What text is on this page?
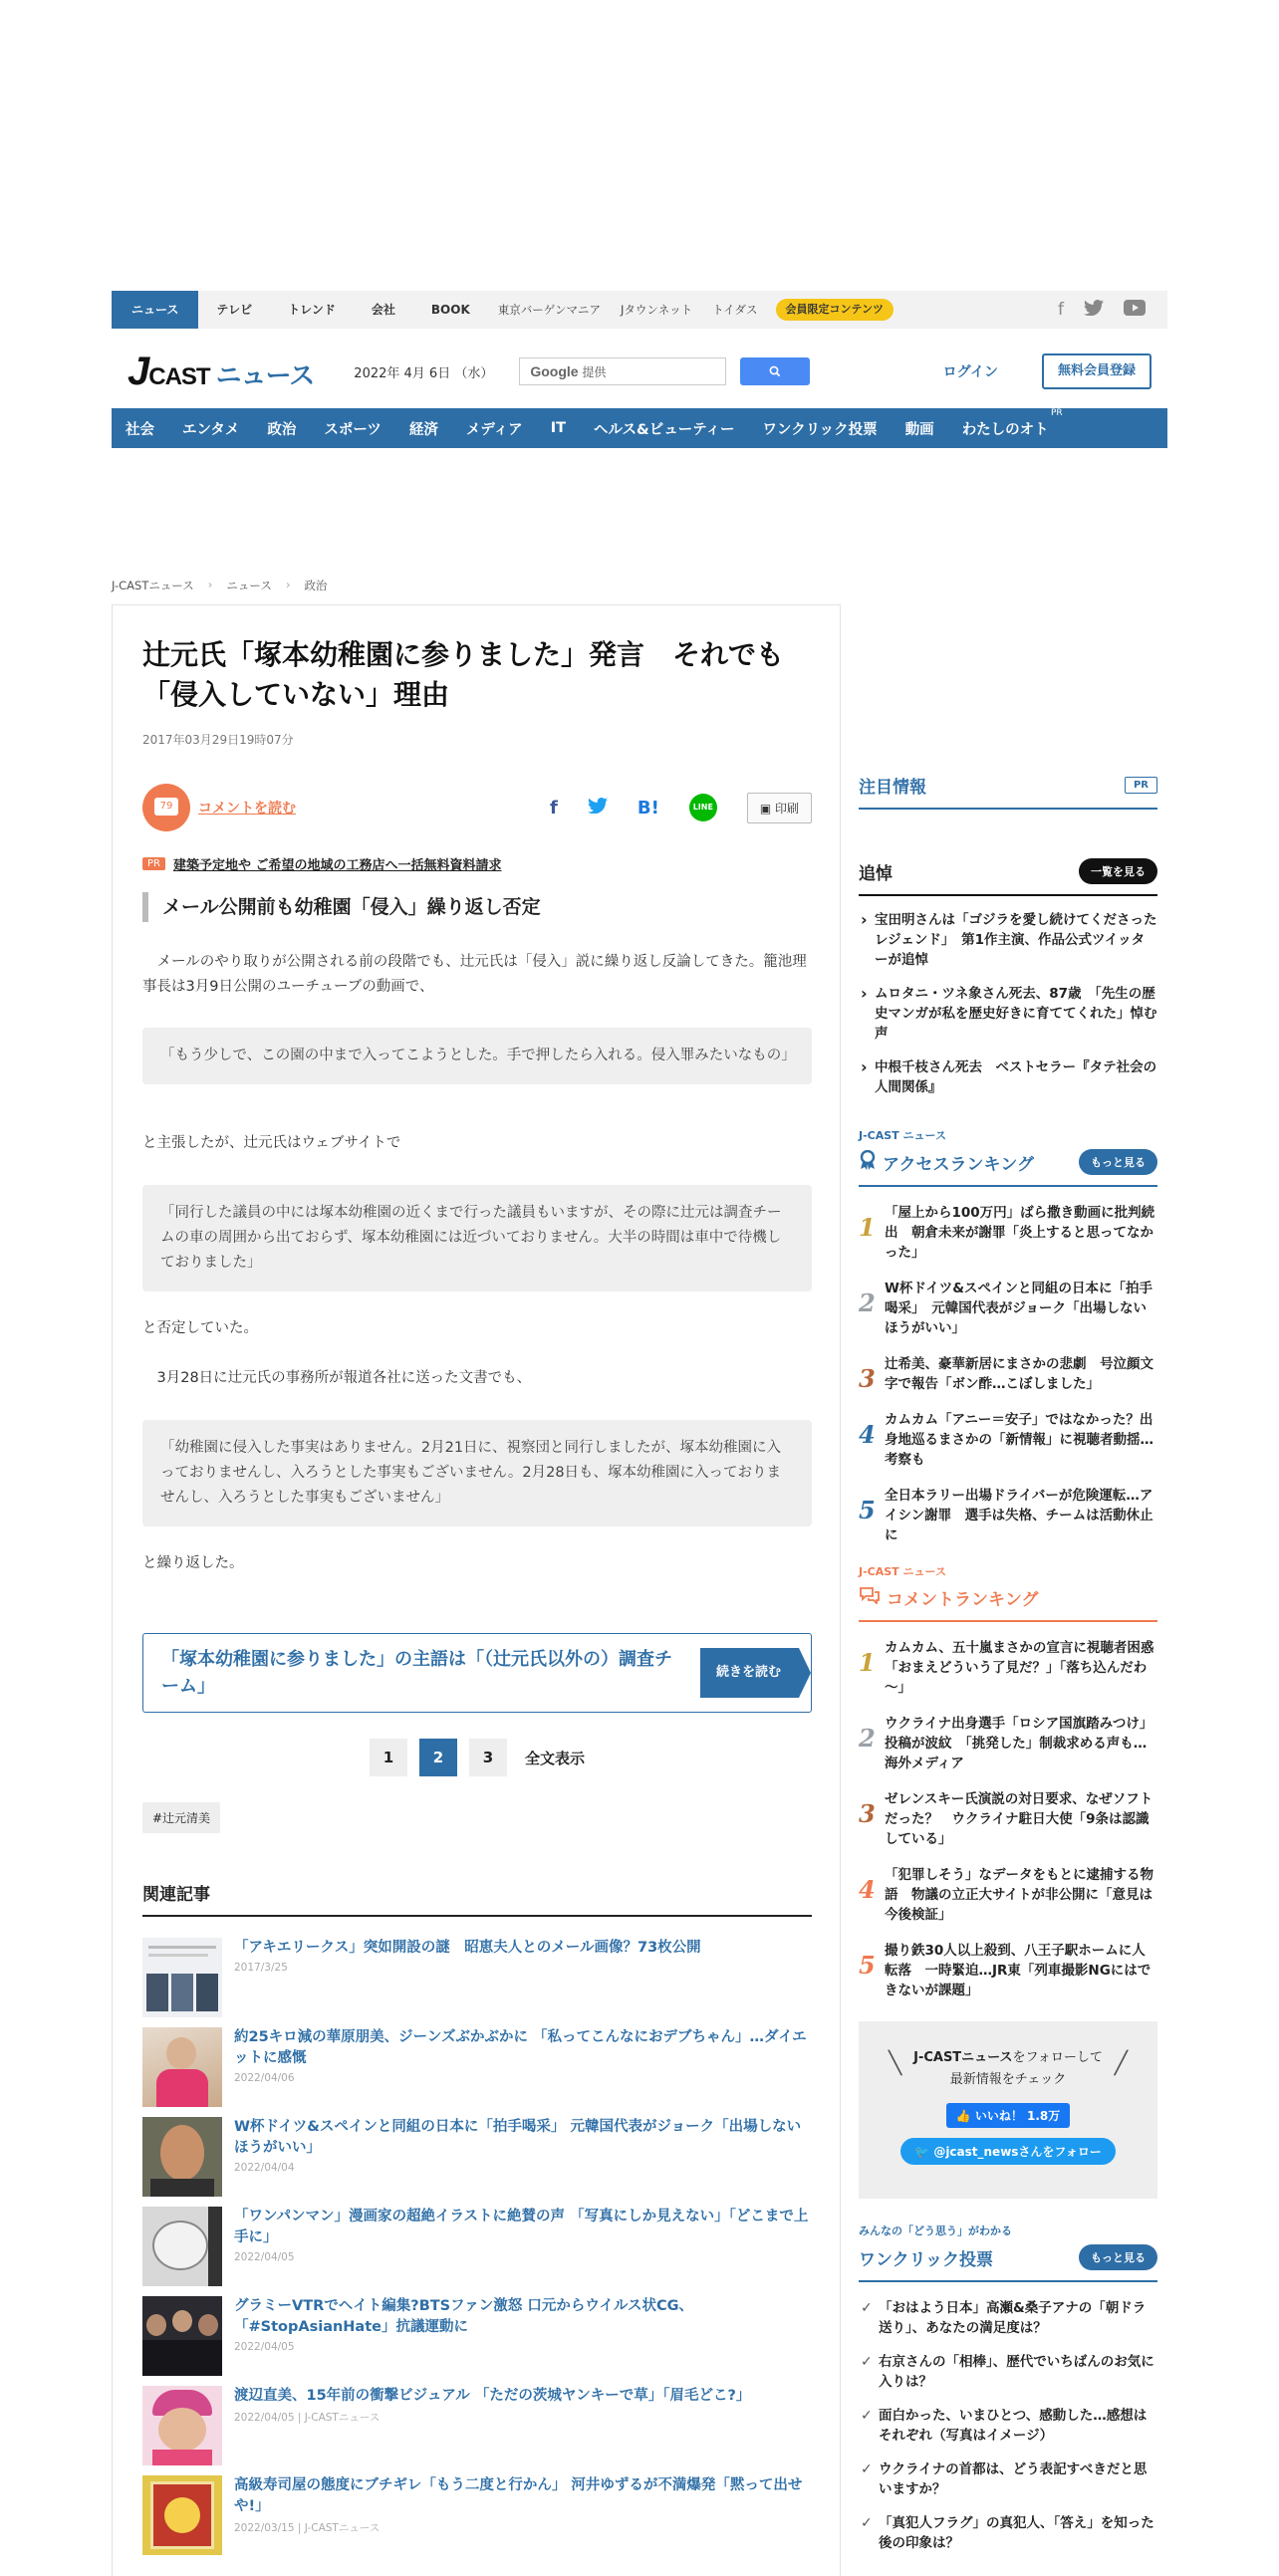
ニュース	テレビ	トレンド	会社	BOOK	東京バーゲンマニア	Jタウンネット	トイダス	会員限定コンテンツ	f
J CAST ニュース	2022年 4月 6日 （水）	Google 提供	ログイン	無料会員登録
社会	エンタメ	政治	スポーツ	経済	メディア	IT	ヘルス&ビューティー	ワンクリック投票	動画	わたしのオト
PR
J-CASTニュース › ニュース › 政治
辻元氏「塚本幼稚園に参りました」発言　それでも「侵入していない」理由
2017年03月29日19時07分
79	コメントを読む	f	B!	LINE	▣ 印刷
PR	建築予定地や ご希望の地域の工務店へ一括無料資料請求
メール公開前も幼稚園「侵入」繰り返し否定

　メールのやり取りが公開される前の段階でも、辻元氏は「侵入」説に繰り返し反論してきた。籠池理事長は3月9日公開のユーチューブの動画で、

「もう少しで、この園の中まで入ってこようとした。手で押したら入れる。侵入罪みたいなもの」

と主張したが、辻元氏はウェブサイトで

「同行した議員の中には塚本幼稚園の近くまで行った議員もいますが、その際に辻元は調査チームの車の周囲から出ておらず、塚本幼稚園には近づいておりません。大半の時間は車中で待機しておりました」

と否定していた。

　3月28日に辻元氏の事務所が報道各社に送った文書でも、

「幼稚園に侵入した事実はありません。2月21日に、視察団と同行しましたが、塚本幼稚園に入っておりませんし、入ろうとした事実もございません。2月28日も、塚本幼稚園に入っておりませんし、入ろうとした事実もございません」

と繰り返した。

「塚本幼稚園に参りました」の主語は「（辻元氏以外の）調査チーム」
続きを読む
1	2	3	全文表示
#辻元清美
関連記事
「アキエリークス」突如開設の謎　昭恵夫人とのメール画像？73枚公開
2017/3/25
約25キロ減の華原朋美、ジーンズぶかぶかに 「私ってこんなにおデブちゃん」…ダイエットに感慨
2022/04/06
W杯ドイツ&スペインと同組の日本に「拍手喝采」 元韓国代表がジョーク「出場しないほうがいい」
2022/04/04
「ワンパンマン」漫画家の超絶イラストに絶賛の声 「写真にしか見えない」「どこまで上手に」
2022/04/05
グラミーVTRでヘイト編集?BTSファン激怒 口元からウイルス状CG、「#StopAsianHate」抗議運動に
2022/04/05
渡辺直美、15年前の衝撃ビジュアル 「ただの茨城ヤンキーで草」「眉毛どこ?」
2022/04/05 | J-CASTニュース
高級寿司屋の態度にブチギレ「もう二度と行かん」 河井ゆずるが不満爆発「黙って出せや!」
2022/03/15 | J-CASTニュース
注目情報	PR
追悼	一覧を見る
› 宝田明さんは「ゴジラを愛し続けてくださったレジェンド」　第1作主演、作品公式ツイッターが追悼
› ムロタニ・ツネ象さん死去、87歳　「先生の歴史マンガが私を歴史好きに育ててくれた」悼む声
› 中根千枝さん死去　ベストセラー『タテ社会の人間関係』
J-CAST ニュース
アクセスランキング	もっと見る
1 「屋上から100万円」ばら撒き動画に批判続出　朝倉未来が謝罪「炎上すると思ってなかった」
2 W杯ドイツ&スペインと同組の日本に「拍手喝采」　元韓国代表がジョーク「出場しないほうがいい」
3 辻希美、豪華新居にまさかの悲劇　号泣顔文字で報告「ボン酢…こぼしました」
4 カムカム「アニー＝安子」ではなかった？出身地巡るまさかの「新情報」に視聴者動揺…考察も
5 全日本ラリー出場ドライバーが危険運転…アイシン謝罪　選手は失格、チームは活動休止に
J-CAST ニュース
コメントランキング
1 カムカム、五十嵐まさかの宣言に視聴者困惑　「おまえどういう了見だ？」「落ち込んだわ～」
2 ウクライナ出身選手「ロシア国旗踏みつけ」投稿が波紋　「挑発した」制裁求める声も…海外メディア
3 ゼレンスキー氏演説の対日要求、なぜソフトだった？　ウクライナ駐日大使「9条は認識している」
4 「犯罪しそう」なデータをもとに逮捕する物語　物議の立正大サイトが非公開に「意見は今後検証」
5 撮り鉄30人以上殺到、八王子駅ホームに人転落　一時緊迫…JR東「列車撮影NGにはできないが課題」
╲	╱
J-CASTニュースをフォローして
最新情報をチェック
👍 いいね！ 1.8万
🐦 @jcast_newsさんをフォロー
みんなの「どう思う」がわかる
ワンクリック投票	もっと見る
✓ 「おはよう日本」高瀬&桑子アナの「朝ドラ送り」、あなたの満足度は？
✓ 右京さんの「相棒」、歴代でいちばんのお気に入りは？
✓ 面白かった、いまひとつ、感動した…感想はそれぞれ（写真はイメージ）
✓ ウクライナの首都は、どう表記すべきだと思いますか？
✓ 「真犯人フラグ」の真犯人、「答え」を知った後の印象は？
